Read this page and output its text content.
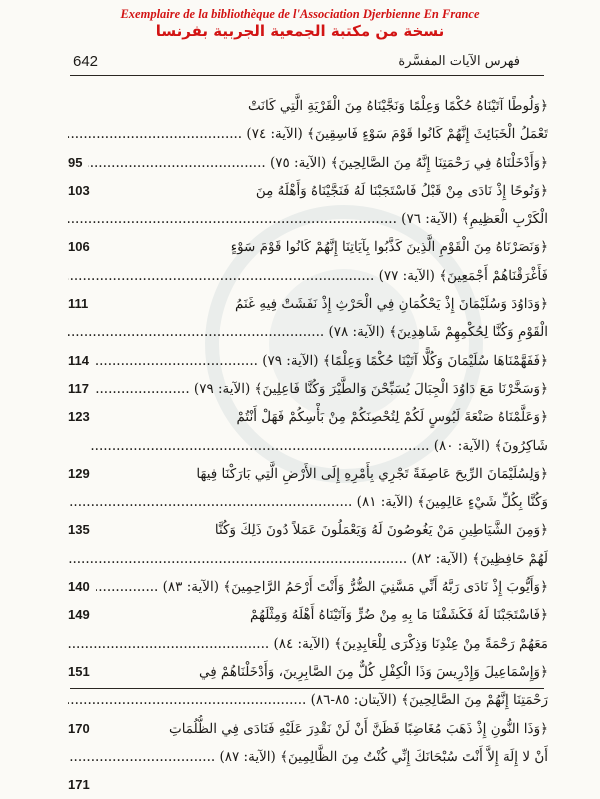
Exemplaire de la bibliothèque de l'Association Djerbienne En France
نسخة من مكتبة الجمعية الجربية بفرنسا
642	فهرس الآيات المفسَّرة
﴿وَلُوطًا آتَيْنَاهُ حُكْمًا وَعِلْمًا وَنَجَّيْنَاهُ مِنَ الْقَرْيَةِ الَّتِي كَانَتْ
تَعْمَلُ الْخَبَائِثَ إِنَّهُمْ كَانُوا قَوْمَ سَوْءٍ فَاسِقِينَ﴾ (الآية: ٧٤) .....
95	﴿وَأَدْخَلْنَاهُ فِي رَحْمَتِنَا إِنَّهُ مِنَ الصَّالِحِينَ﴾ (الآية: ٧٥) .....
103	﴿وَنُوحًا إِذْ نَادَى مِنْ قَبْلُ فَاسْتَجَبْنَا لَهُ فَنَجَّيْنَاهُ وَأَهْلَهُ مِنَ
الْكَرْبِ الْعَظِيمِ﴾ (الآية: ٧٦) .....
106	﴿وَنَصَرْنَاهُ مِنَ الْقَوْمِ الَّذِينَ كَذَّبُوا بِآيَاتِنَا إِنَّهُمْ كَانُوا قَوْمَ سَوْءٍ
فَأَغْرَقْنَاهُمْ أَجْمَعِينَ﴾ (الآية: ٧٧) .....
111	﴿وَدَاوُدَ وَسُلَيْمَانَ إِذْ يَحْكُمَانِ فِي الْحَرْثِ إِذْ نَفَشَتْ فِيهِ غَنَمُ
الْقَوْمِ وَكُنَّا لِحُكْمِهِمْ شَاهِدِينَ﴾ (الآية: ٧٨) .....
114	﴿فَفَهَّمْنَاهَا سُلَيْمَانَ وَكُلًّا آتَيْنَا حُكْمًا وَعِلْمًا﴾ (الآية: ٧٩) .....
117	﴿وَسَخَّرْنَا مَعَ دَاوُدَ الْجِبَالَ يُسَبِّحْنَ وَالطَّيْرَ وَكُنَّا فَاعِلِينَ﴾ (الآية: ٧٩) .....
123	﴿وَعَلَّمْنَاهُ صَنْعَةَ لَبُوسٍ لَكُمْ لِتُحْصِنَكُمْ مِنْ بَأْسِكُمْ فَهَلْ أَنْتُمْ
شَاكِرُونَ﴾ (الآية: ٨٠) .....
129	﴿وَلِسُلَيْمَانَ الرِّيحَ عَاصِفَةً تَجْرِي بِأَمْرِهِ إِلَى الأَرْضِ الَّتِي بَارَكْنَا فِيهَا
وَكُنَّا بِكُلِّ شَيْءٍ عَالِمِينَ﴾ (الآية: ٨١) .....
135	﴿وَمِنَ الشَّيَاطِينِ مَنْ يَغُوصُونَ لَهُ وَيَعْمَلُونَ عَمَلاً دُونَ ذَلِكَ وَكُنَّا
لَهُمْ حَافِظِينَ﴾ (الآية: ٨٢) .....
140	﴿وَأَيُّوبَ إِذْ نَادَى رَبَّهُ أَنِّي مَسَّنِيَ الضُّرُّ وَأَنْتَ أَرْحَمُ الرَّاحِمِينَ﴾ (الآية: ٨٣) .....
149	﴿فَاسْتَجَبْنَا لَهُ فَكَشَفْنَا مَا بِهِ مِنْ ضُرٍّ وَآتَيْنَاهُ أَهْلَهُ وَمِثْلَهُمْ
مَعَهُمْ رَحْمَةً مِنْ عِنْدِنَا وَذِكْرَى لِلْعَابِدِينَ﴾ (الآية: ٨٤) .....
151	﴿وَإِسْمَاعِيلَ وَإِدْرِيسَ وَذَا الْكِفْلِ كُلٌّ مِنَ الصَّابِرِينَ، وَأَدْخَلْنَاهُمْ فِي
رَحْمَتِنَا إِنَّهُمْ مِنَ الصَّالِحِينَ﴾ (الآيتان: ٨٥-٨٦) .....
170	﴿وَذَا النُّونِ إِذْ ذَهَبَ مُغَاضِبًا فَظَنَّ أَنْ لَنْ نَقْدِرَ عَلَيْهِ فَنَادَى فِي الظُّلُمَاتِ
أَنْ لا إِلَهَ إِلاَّ أَنْتَ سُبْحَانَكَ إِنِّي كُنْتُ مِنَ الظَّالِمِينَ﴾ (الآية: ٨٧) .....
171
